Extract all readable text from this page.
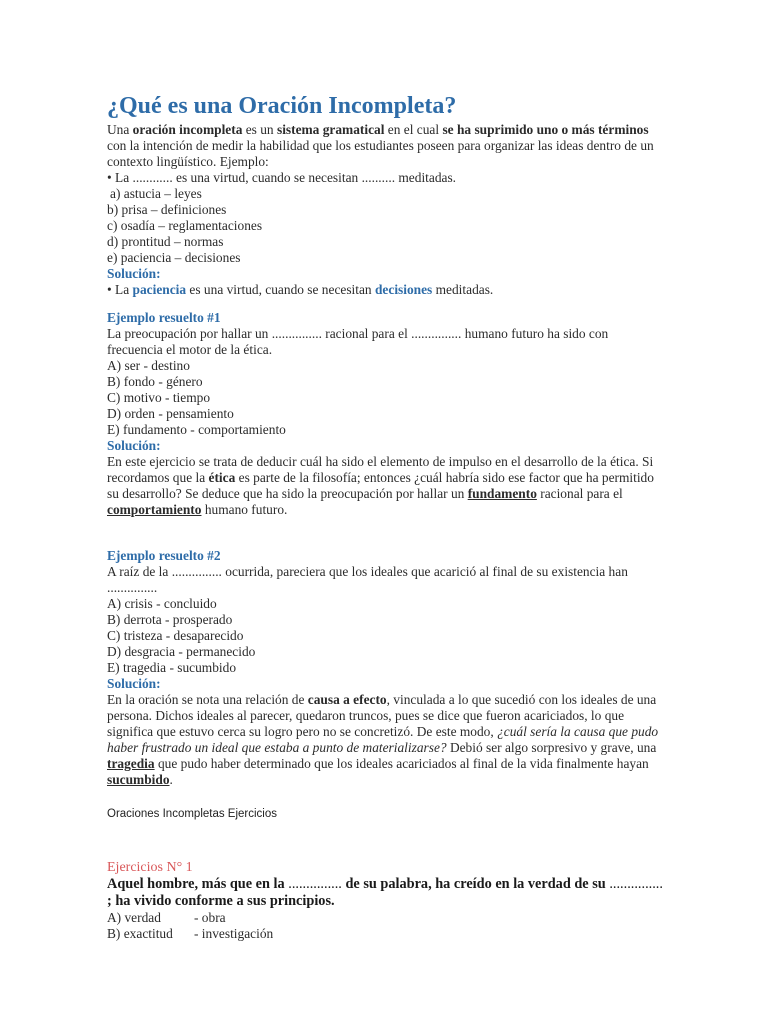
¿Qué es una Oración Incompleta?

Una oración incompleta es un sistema gramatical en el cual se ha suprimido uno o más términos con la intención de medir la habilidad que los estudiantes poseen para organizar las ideas dentro de un contexto lingüístico. Ejemplo:

• La ............ es una virtud, cuando se necesitan .......... meditadas.

a) astucia – leyes

b) prisa – definiciones

c) osadía – reglamentaciones

d) prontitud – normas

e) paciencia – decisiones

Solución:

• La paciencia es una virtud, cuando se necesitan decisiones meditadas.

Ejemplo resuelto #1

La preocupación por hallar un ............... racional para el ............... humano futuro ha sido con frecuencia el motor de la ética.

A) ser - destino

B) fondo - género

C) motivo - tiempo

D) orden - pensamiento

E) fundamento - comportamiento

Solución:

En este ejercicio se trata de deducir cuál ha sido el elemento de impulso en el desarrollo de la ética. Si recordamos que la ética es parte de la filosofía; entonces ¿cuál habría sido ese factor que ha permitido su desarrollo? Se deduce que ha sido la preocupación por hallar un fundamento racional para el comportamiento humano futuro.

Ejemplo resuelto #2

A raíz de la ............... ocurrida, pareciera que los ideales que acarició al final de su existencia han ...............

A) crisis - concluido

B) derrota - prosperado

C) tristeza - desaparecido

D) desgracia - permanecido

E) tragedia - sucumbido

Solución:

En la oración se nota una relación de causa a efecto, vinculada a lo que sucedió con los ideales de una persona. Dichos ideales al parecer, quedaron truncos, pues se dice que fueron acariciados, lo que significa que estuvo cerca su logro pero no se concretizó. De este modo, ¿cuál sería la causa que pudo haber frustrado un ideal que estaba a punto de materializarse? Debió ser algo sorpresivo y grave, una tragedia que pudo haber determinado que los ideales acariciados al final de la vida finalmente hayan sucumbido.

Oraciones Incompletas Ejercicios

Ejercicios N° 1

Aquel hombre, más que en la ............... de su palabra, ha creído en la verdad de su ............... ; ha vivido conforme a sus principios.

A) verdad	- obra
B) exactitud	- investigación
